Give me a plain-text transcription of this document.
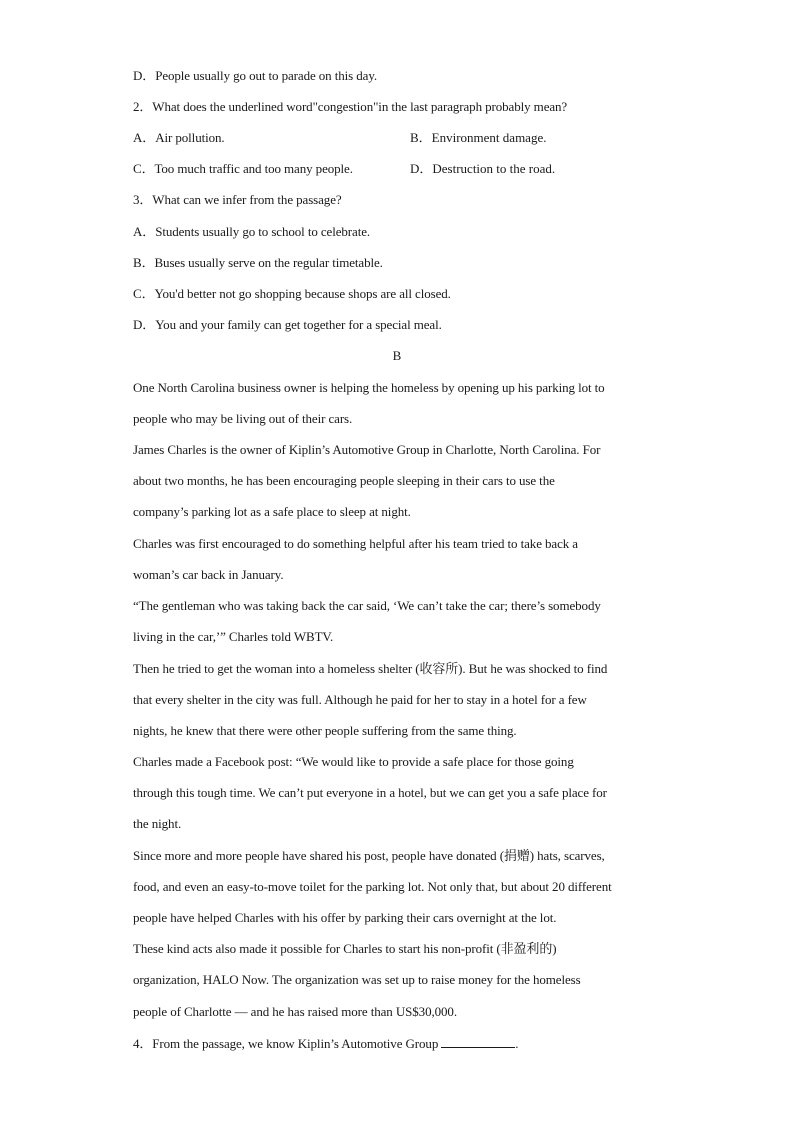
D．People usually go out to parade on this day.
2．What does the underlined word"congestion"in the last paragraph probably mean?
A．Air pollution.	B．Environment damage.
C．Too much traffic and too many people.	D．Destruction to the road.
3．What can we infer from the passage?
A．Students usually go to school to celebrate.
B．Buses usually serve on the regular timetable.
C．You'd better not go shopping because shops are all closed.
D．You and your family can get together for a special meal.
B
One North Carolina business owner is helping the homeless by opening up his parking lot to
people who may be living out of their cars.
James Charles is the owner of Kiplin’s Automotive Group in Charlotte, North Carolina. For
about two months, he has been encouraging people sleeping in their cars to use the
company’s parking lot as a safe place to sleep at night.
Charles was first encouraged to do something helpful after his team tried to take back a
woman’s car back in January.
“The gentleman who was taking back the car said, ‘We can’t take the car; there’s somebody
living in the car,’” Charles told WBTV.
Then he tried to get the woman into a homeless shelter (收容所). But he was shocked to find
that every shelter in the city was full. Although he paid for her to stay in a hotel for a few
nights, he knew that there were other people suffering from the same thing.
Charles made a Facebook post: “We would like to provide a safe place for those going
through this tough time. We can’t put everyone in a hotel, but we can get you a safe place for
the night.
Since more and more people have shared his post, people have donated (捐赠) hats, scarves,
food, and even an easy-to-move toilet for the parking lot. Not only that, but about 20 different
people have helped Charles with his offer by parking their cars overnight at the lot.
These kind acts also made it possible for Charles to start his non-profit (非盈利的)
organization, HALO Now. The organization was set up to raise money for the homeless
people of Charlotte — and he has raised more than US$30,000.
4．From the passage, we know Kiplin’s Automotive Group	.
